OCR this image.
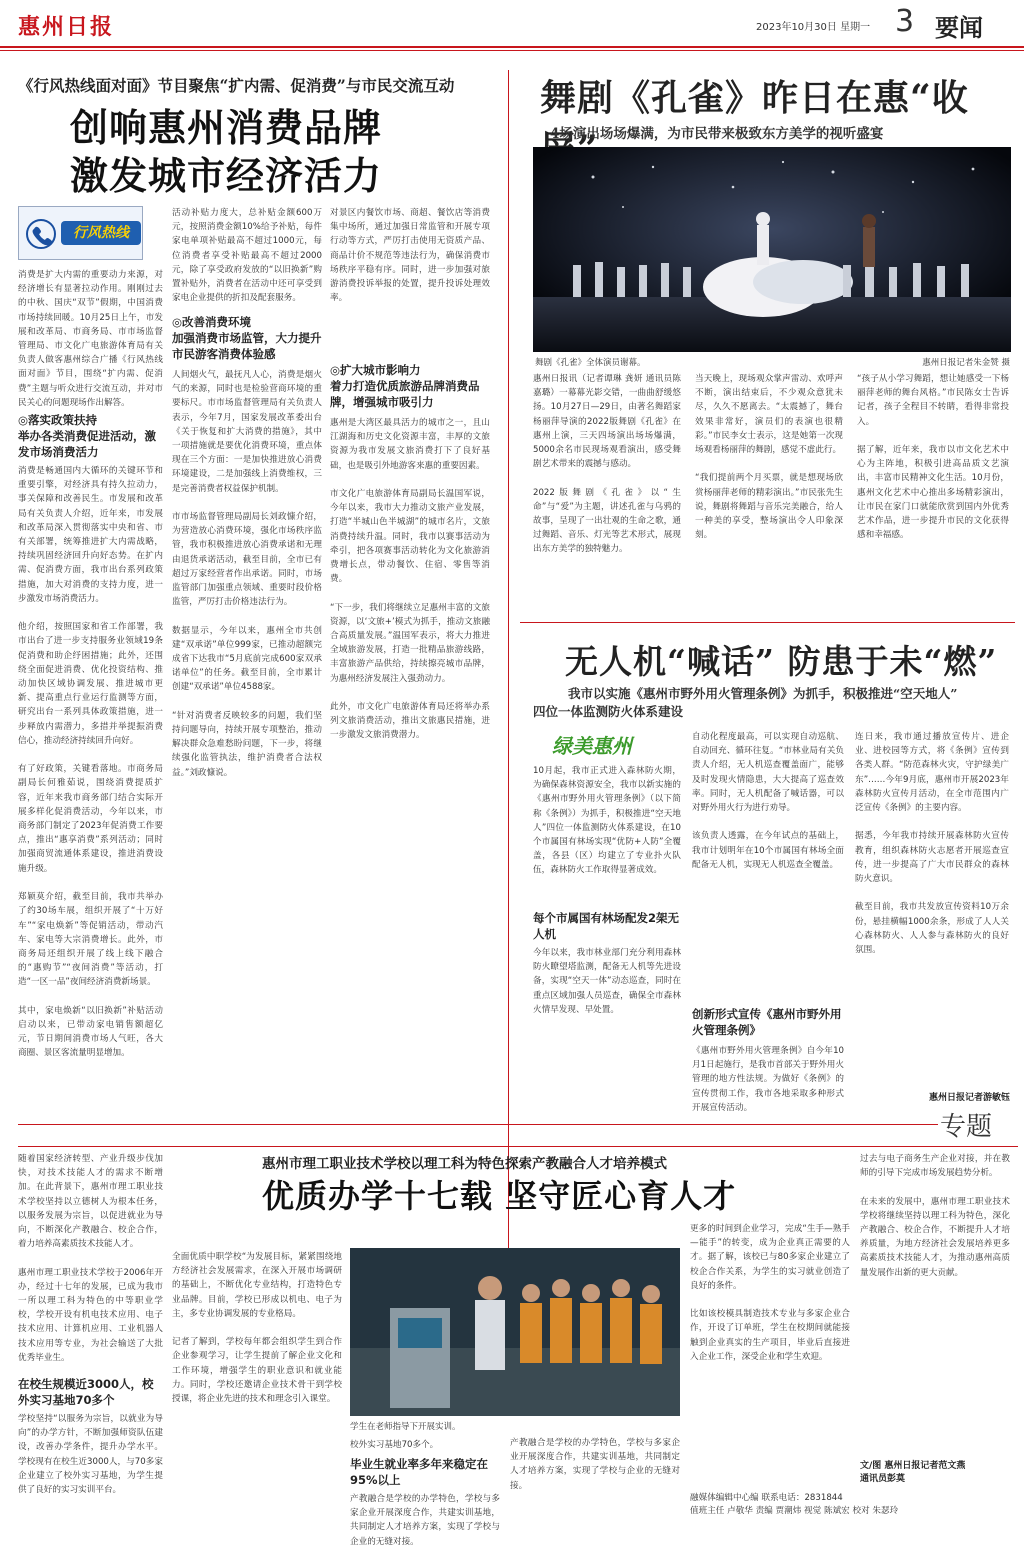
惠州日报	2023年10月30日 星期一 3 要闻
《行风热线面对面》节目聚焦“扩内需、促消费”与市民交流互动
创响惠州消费品牌
激发城市经济活力
行风热线
消费是扩大内需的重要动力来源，对经济增长有显著拉动作用。刚刚过去的中秋、国庆“双节”假期，中国消费市场持续回暖。10月25日上午，市发展和改革局、市商务局、市市场监督管理局、市文化广电旅游体育局有关负责人做客惠州综合广播《行风热线面对面》节目，围绕“扩内需、促消费”主题与听众进行交流互动，并对市民关心的问题现场作出解答。
◎落实政策扶持
举办各类消费促进活动，激发市场消费活力
消费是畅通国内大循环的关键环节和重要引擎，对经济具有持久拉动力，事关保障和改善民生。市发展和改革局有关负责人介绍，近年来，市发展和改革局深入贯彻落实中央和省、市有关部署，统筹推进扩大内需战略，持续巩固经济回升向好态势。在扩内需、促消费方面，我市出台系列政策措施，加大对消费的支持力度，进一步激发市场消费活力。

他介绍，按照国家和省工作部署，我市出台了进一步支持服务业领域19条促消费和助企纾困措施；此外，还围绕全面促进消费、优化投资结构、推动加快区域协调发展、推进城市更新、提高重点行业运行监测等方面，研究出台一系列具体政策措施，进一步释放内需潜力，多措并举提振消费信心，推动经济持续回升向好。

有了好政策，关键看落地。市商务局副局长何雅茹说，围绕消费提质扩容，近年来我市商务部门结合实际开展多样化促消费活动，今年以来，市商务部门制定了2023年促消费工作要点，推出“惠享消费”系列活动；同时加强商贸流通体系建设，推进消费设施升级。

郑颖莫介绍，截至目前，我市共举办了约30场车展，组织开展了“十万好车”“家电焕新”等促销活动，带动汽车、家电等大宗消费增长。此外，市商务局还组织开展了线上线下融合的“惠购节”“夜间消费”等活动，打造“一区一品”夜间经济消费新场景。

其中，家电焕新“以旧换新”补贴活动启动以来，已带动家电销售额超亿元，节日期间消费市场人气旺，各大商圈、景区客流量明显增加。
活动补贴力度大，总补贴金额600万元，按照消费金额10%给予补贴，每件家电单项补贴最高不超过1000元，每位消费者享受补贴最高不超过2000元，除了享受政府发放的“以旧换新”购置补贴外，消费者在活动中还可享受到家电企业提供的折扣及配套服务。
◎改善消费环境
加强消费市场监管，大力提升市民游客消费体验感
人间烟火气，最抚凡人心，消费是烟火气的来源，同时也是检验营商环境的重要标尺。市市场监督管理局有关负责人表示，今年7月，国家发展改革委出台《关于恢复和扩大消费的措施》，其中一项措施就是要优化消费环境，重点体现在三个方面：一是加快推进放心消费环境建设，二是加强线上消费维权，三是完善消费者权益保护机制。

市市场监督管理局副局长刘政慷介绍，为营造放心消费环境，强化市场秩序监管，我市积极推进放心消费承诺和无理由退货承诺活动，截至目前，全市已有超过万家经营者作出承诺。同时，市场监管部门加强重点领域、重要时段价格监管，严厉打击价格违法行为。

数据显示，今年以来，惠州全市共创建“双承诺”单位999家，已推动超额完成省下达我市“5月底前完成600家双承诺单位”的任务。截至目前，全市累计创建“双承诺”单位4588家。

“针对消费者反映较多的问题，我们坚持问题导向，持续开展专项整治，推动解决群众急难愁盼问题，下一步，将继续强化监管执法，维护消费者合法权益。”刘政慷说。
对景区内餐饮市场、商超、餐饮店等消费集中场所，通过加强日常监管和开展专项行动等方式，严厉打击使用无资质产品、商品计价不规范等违法行为，确保消费市场秩序平稳有序。同时，进一步加强对旅游消费投诉举报的处置，提升投诉处理效率。
◎扩大城市影响力
着力打造优质旅游品牌消费品牌，增强城市吸引力
惠州是大湾区最具活力的城市之一，且山江湖海和历史文化资源丰富，丰厚的文旅资源为我市发展文旅消费打下了良好基础，也是吸引外地游客来惠的重要因素。

市文化广电旅游体育局副局长温国军说，今年以来，我市大力推动文旅产业发展，打造“半城山色半城湖”的城市名片，文旅消费持续升温。同时，我市以赛事活动为牵引，把各项赛事活动转化为文化旅游消费增长点，带动餐饮、住宿、零售等消费。

“下一步，我们将继续立足惠州丰富的文旅资源，以‘文旅+’模式为抓手，推动文旅融合高质量发展。”温国军表示，将大力推进全域旅游发展，打造一批精品旅游线路，丰富旅游产品供给，持续擦亮城市品牌，为惠州经济发展注入强劲动力。

此外，市文化广电旅游体育局还将举办系列文旅消费活动，推出文旅惠民措施，进一步激发文旅消费潜力。
舞剧《孔雀》昨日在惠“收
4场演出场场爆满，为市民带来极致东方美学的视听盛宴
舞剧《孔雀》全体演员谢幕。	惠州日报记者朱金赞 摄
惠州日报讯（记者谭琳 龚妍 通讯员陈嘉璐）一幕幕光影交错，一曲曲舒缓悠扬。10月27日—29日，由著名舞蹈家杨丽萍导演的2022版舞剧《孔雀》在惠州上演，三天四场演出场场爆满，5000余名市民现场观看演出，感受舞剧艺术带来的震撼与感动。

2022版舞剧《孔雀》以“生命”与“爱”为主题，讲述孔雀与乌鸦的故事，呈现了一出壮观的生命之歌，通过舞蹈、音乐、灯光等艺术形式，展现出东方美学的独特魅力。
当天晚上，现场观众掌声雷动、欢呼声不断，演出结束后，不少观众意犹未尽，久久不愿离去。“太震撼了，舞台效果非常好，演员们的表演也很精彩。”市民李女士表示，这是她第一次现场观看杨丽萍的舞剧，感觉不虚此行。

“我们提前两个月买票，就是想现场欣赏杨丽萍老师的精彩演出。”市民张先生说，舞剧将舞蹈与音乐完美融合，给人一种美的享受，整场演出令人印象深刻。
“孩子从小学习舞蹈，想让她感受一下杨丽萍老师的舞台风格。”市民陈女士告诉记者，孩子全程目不转睛，看得非常投入。

据了解，近年来，我市以市文化艺术中心为主阵地，积极引进高品质文艺演出，丰富市民精神文化生活。10月份，惠州文化艺术中心推出多场精彩演出，让市民在家门口就能欣赏到国内外优秀艺术作品，进一步提升市民的文化获得感和幸福感。
无人机“喊话” 防患于未“燃”
我市以实施《惠州市野外用火管理条例》为抓手，积极推进“空天地人”
四位一体监测防火体系建设
绿美惠州
10月起，我市正式进入森林防火期，为确保森林资源安全，我市以新实施的《惠州市野外用火管理条例》（以下简称《条例》）为抓手，积极推进“空天地人”四位一体监测防火体系建设，在10个市属国有林场实现“优防+人防”全覆盖，各县（区）均建立了专业扑火队伍，森林防火工作取得显著成效。
每个市属国有林场配发2架无人机
今年以来，我市林业部门充分利用森林防火瞭望塔监测，配备无人机等先进设备，实现“空天一体”动态巡查，同时在重点区域加强人员巡查，确保全市森林火情早发现、早处置。
自动化程度最高，可以实现自动巡航、自动回充、循环往复。“市林业局有关负责人介绍，无人机巡查覆盖面广，能够及时发现火情隐患，大大提高了巡查效率。同时，无人机配备了喊话器，可以对野外用火行为进行劝导。

该负责人透露，在今年试点的基础上，我市计划明年在10个市属国有林场全面配备无人机，实现无人机巡查全覆盖。
创新形式宣传《惠州市野外用火管理条例》
《惠州市野外用火管理条例》自今年10月1日起施行，是我市首部关于野外用火管理的地方性法规。为做好《条例》的宣传贯彻工作，我市各地采取多种形式开展宣传活动。
连日来，我市通过播放宣传片、进企业、进校园等方式，将《条例》宣传到各类人群。“防范森林火灾，守护绿美广东”……今年9月底，惠州市开展2023年森林防火宣传月活动，在全市范围内广泛宣传《条例》的主要内容。

据悉，今年我市持续开展森林防火宣传教育，组织森林防火志愿者开展巡查宣传，进一步提高了广大市民群众的森林防火意识。

截至目前，我市共发放宣传资料10万余份，悬挂横幅1000余条，形成了人人关心森林防火、人人参与森林防火的良好氛围。
惠州日报记者游敏钰
专题
惠州市理工职业技术学校以理工科为特色探索产教融合人才培养模式
优质办学十七载 坚守匠心育人才
随着国家经济转型、产业升级步伐加快，对技术技能人才的需求不断增加。在此背景下，惠州市理工职业技术学校坚持以立德树人为根本任务，以服务发展为宗旨，以促进就业为导向，不断深化产教融合、校企合作，着力培养高素质技术技能人才。

惠州市理工职业技术学校于2006年开办，经过十七年的发展，已成为我市一所以理工科为特色的中等职业学校，学校开设有机电技术应用、电子技术应用、计算机应用、工业机器人技术应用等专业，为社会输送了大批优秀毕业生。
在校生规模近3000人，校外实习基地70多个
学校坚持“以服务为宗旨，以就业为导向”的办学方针，不断加强师资队伍建设，改善办学条件，提升办学水平。学校现有在校生近3000人，与70多家企业建立了校外实习基地，为学生提供了良好的实习实训平台。
全面优质中职学校“为发展目标，紧紧围绕地方经济社会发展需求，在深入开展市场调研的基础上，不断优化专业结构，打造特色专业品牌。目前，学校已形成以机电、电子为主，多专业协调发展的专业格局。

记者了解到，学校每年都会组织学生到合作企业参观学习，让学生提前了解企业文化和工作环境，增强学生的职业意识和就业能力。同时，学校还邀请企业技术骨干到学校授课，将企业先进的技术和理念引入课堂。
学生在老师指导下开展实训。
校外实习基地70多个。
毕业生就业率多年来稳定在95%以上
产教融合是学校的办学特色，学校与多家企业开展深度合作，共建实训基地，共同制定人才培养方案，实现了学校与企业的无缝对接。
产教融合是学校的办学特色，学校与多家企业开展深度合作，共建实训基地，共同制定人才培养方案，实现了学校与企业的无缝对接。
更多的时间到企业学习，完成“生手—熟手—能手”的转变，成为企业真正需要的人才。据了解，该校已与80多家企业建立了校企合作关系，为学生的实习就业创造了良好的条件。

比如该校模具制造技术专业与多家企业合作，开设了订单班，学生在校期间就能接触到企业真实的生产项目，毕业后直接进入企业工作，深受企业和学生欢迎。
过去与电子商务生产企业对接，并在教师的引导下完成市场发展趋势分析。

在未来的发展中，惠州市理工职业技术学校将继续坚持以理工科为特色，深化产教融合、校企合作，不断提升人才培养质量，为地方经济社会发展培养更多高素质技术技能人才，为推动惠州高质量发展作出新的更大贡献。
文/图 惠州日报记者范文燕
通讯员彭莫
融媒体编辑中心编 联系电话：2831844
值班主任 卢敬华 责编 贾潮炜 视觉 陈斌宏 校对 朱瑟玲
